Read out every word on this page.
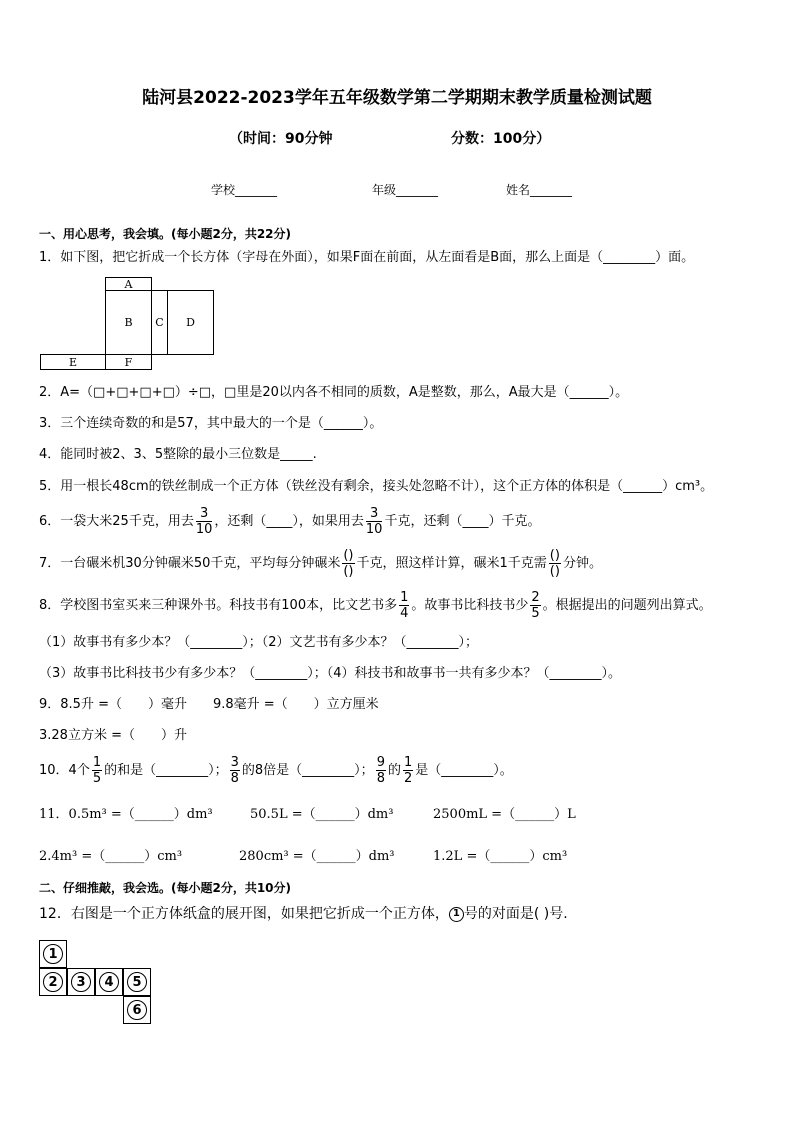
陆河县2022-2023学年五年级数学第二学期期末教学质量检测试题
（时间：90分钟	分数：100分）
学校_______	年级_______	姓名_______
一、用心思考，我会填。(每小题2分，共22分)
1．如下图，把它折成一个长方体（字母在外面），如果F面在前面，从左面看是B面，那么上面是（________）面。
A
B	C	D
E	F
2．A=（□+□+□+□）÷□，□里是20以内各不相同的质数，A是整数，那么，A最大是（______）。
3．三个连续奇数的和是57，其中最大的一个是（______）。
4．能同时被2、3、5整除的最小三位数是_____.
5．用一根长48cm的铁丝制成一个正方体（铁丝没有剩余，接头处忽略不计），这个正方体的体积是（______）cm³。
6．一袋大米25千克，用去 $\frac{3}{10}$ ，还剩（____），如果用去 $\frac{3}{10}$ 千克，还剩（____）千克。
7．一台碾米机30分钟碾米50千克，平均每分钟碾米 $\frac{()}{()}$ 千克，照这样计算，碾米1千克需 $\frac{()}{()}$ 分钟。
8．学校图书室买来三种课外书。科技书有100本，比文艺书多 $\frac{1}{4}$ 。故事书比科技书少 $\frac{2}{5}$ 。根据提出的问题列出算式。
（1）故事书有多少本？（________）；（2）文艺书有多少本？（________）；
（3）故事书比科技书少有多少本？（________）；（4）科技书和故事书一共有多少本？（________）。
9．8.5升 =（　　）毫升　　9.8毫升 =（　　）立方厘米
3.28立方米 =（　　）升
10．4个 $\frac{1}{5}$ 的和是（________）； $\frac{3}{8}$ 的8倍是（________）； $\frac{9}{8}$ 的 $\frac{1}{2}$ 是（________）。
11．0.5m³ =（______）dm³	50.5L =（______）dm³	2500mL =（______）L
2.4m³ =（______）cm³	280cm³ =（______）dm³	1.2L =（______）cm³
二、仔细推敲，我会选。(每小题2分，共10分)
12．右图是一个正方体纸盒的展开图，如果把它折成一个正方体， 1 号的对面是( )号.
1
2	3	4	5
6
